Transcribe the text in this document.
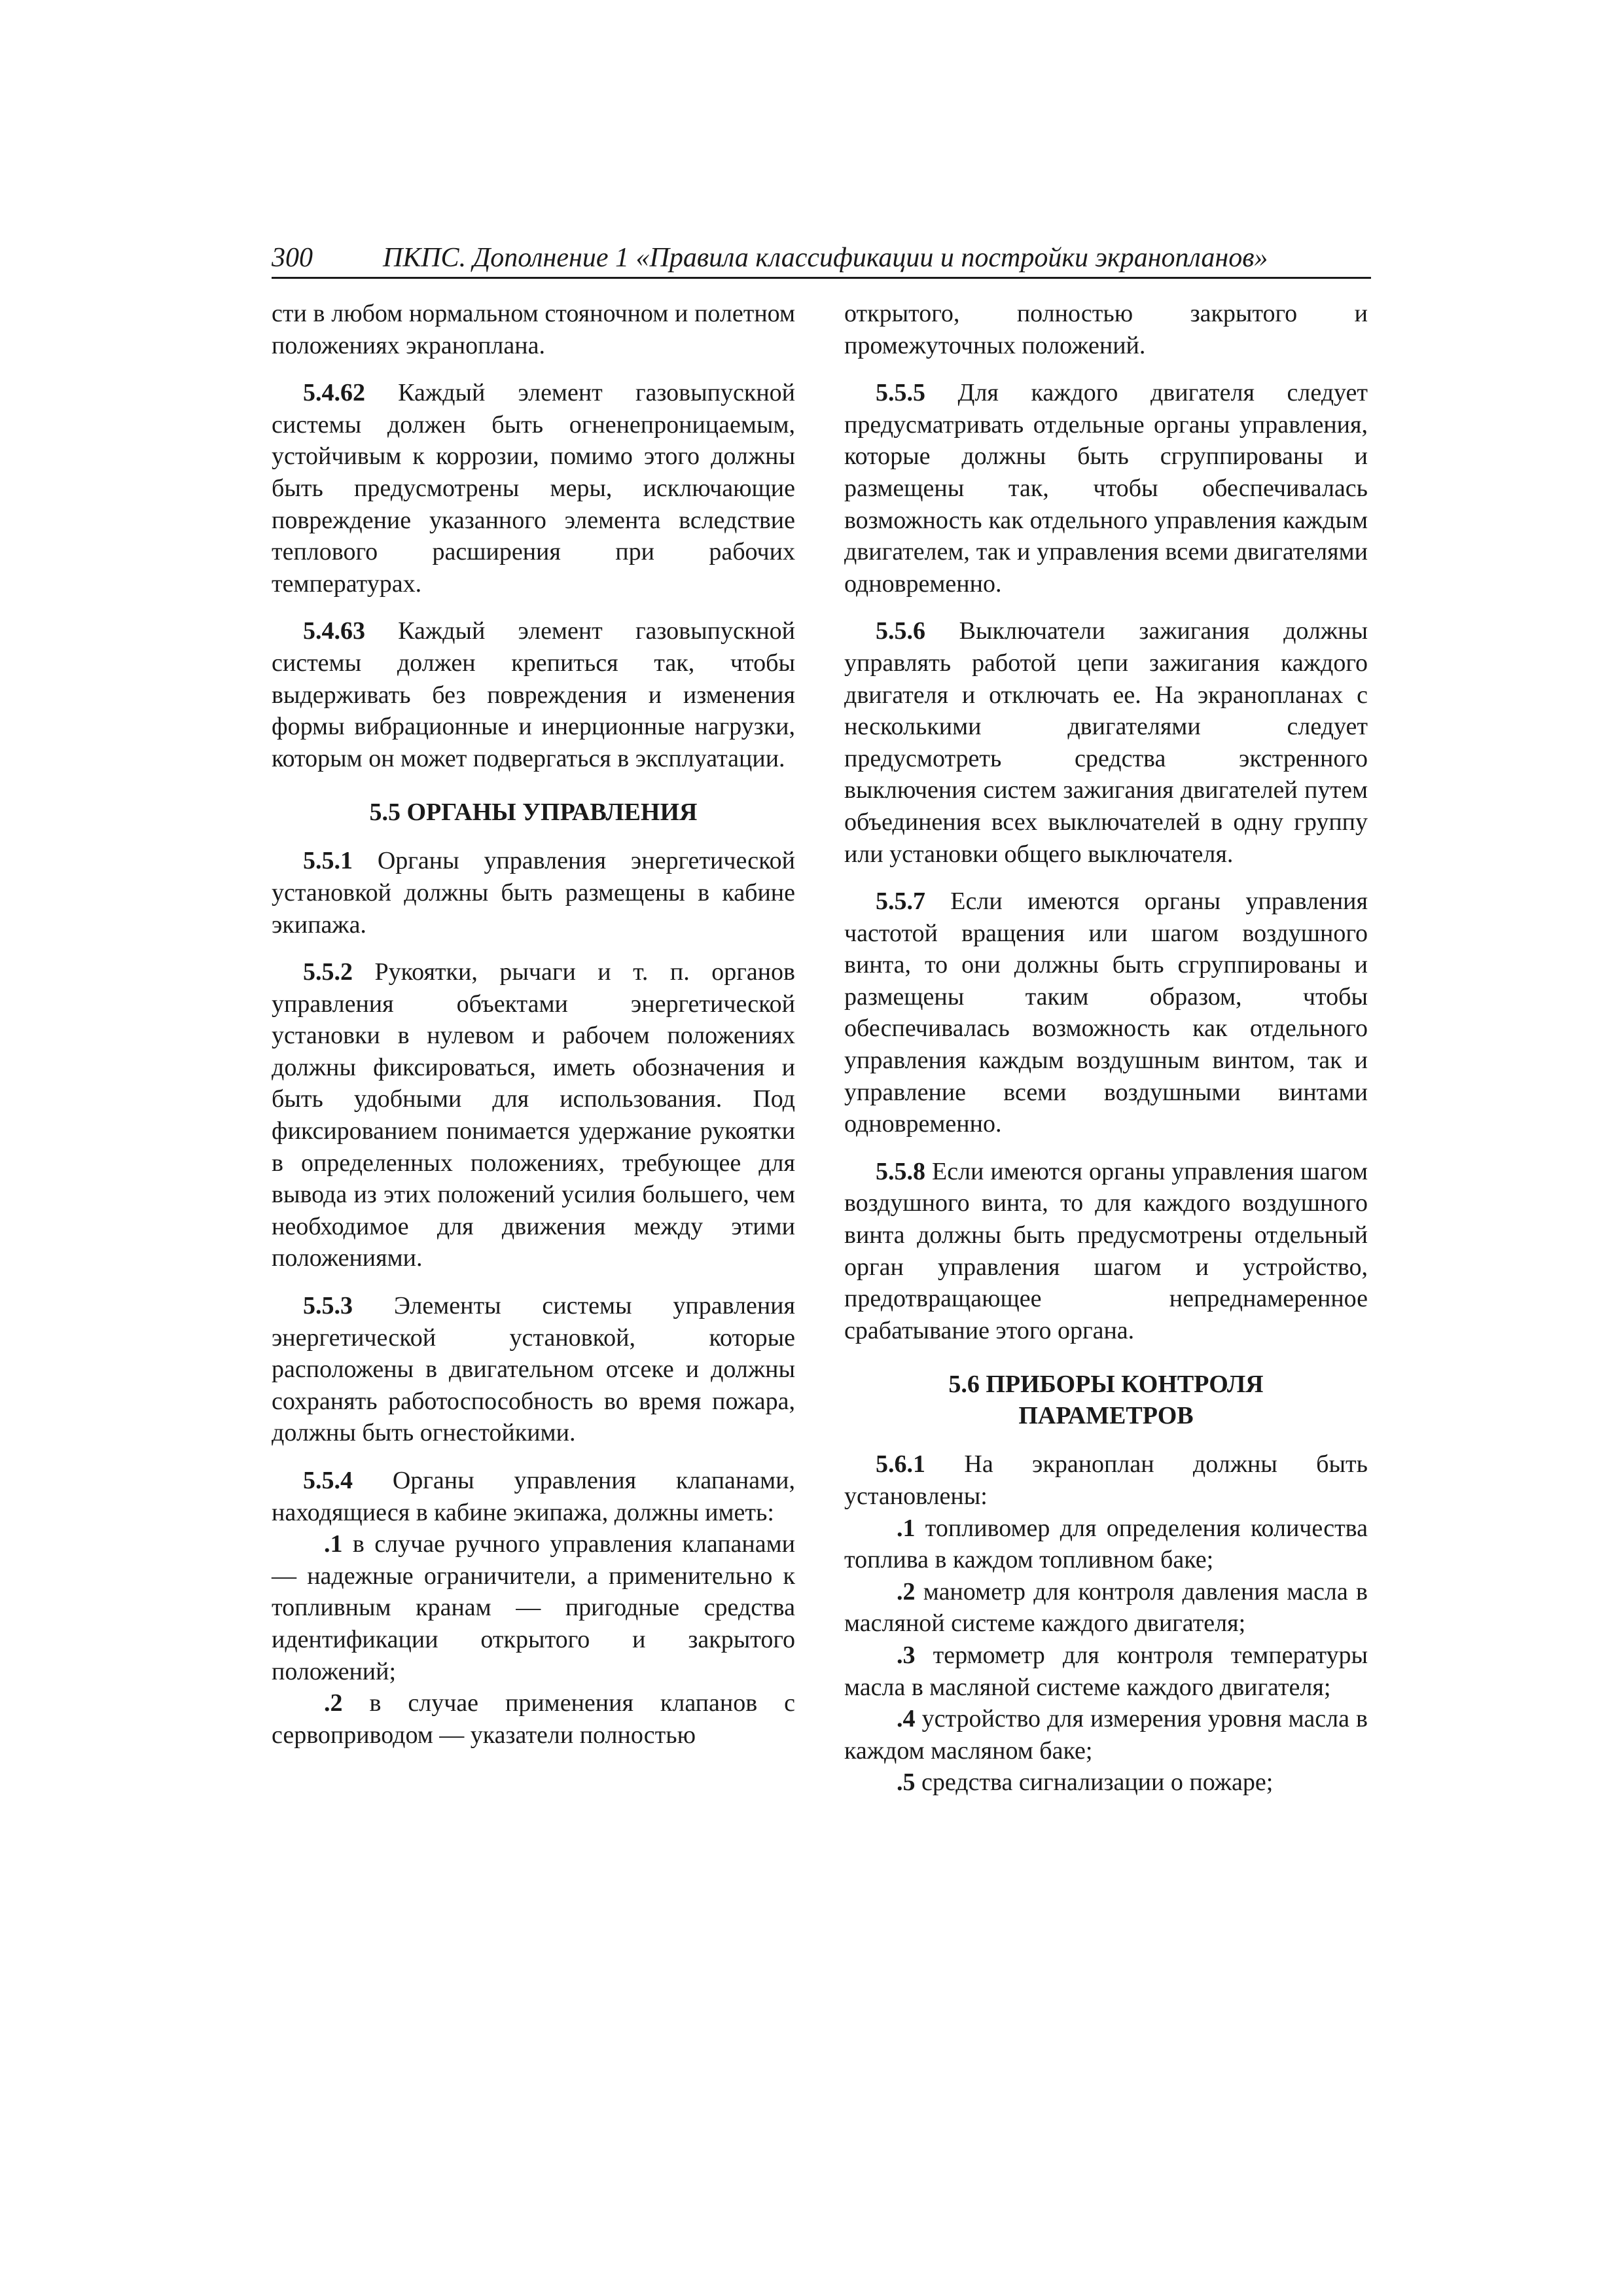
300	ПКПС. Дополнение 1 «Правила классификации и постройки экранопланов»

сти в любом нормальном стояночном и полетном положениях экраноплана.

5.4.62 Каждый элемент газовыпускной системы должен быть огненепроницаемым, устойчивым к коррозии, помимо этого должны быть предусмотрены меры, исключающие повреждение указанного элемента вследствие теплового расширения при рабочих температурах.

5.4.63 Каждый элемент газовыпускной системы должен крепиться так, чтобы выдерживать без повреждения и изменения формы вибрационные и инерционные нагрузки, которым он может подвергаться в эксплуатации.

5.5 ОРГАНЫ УПРАВЛЕНИЯ

5.5.1 Органы управления энергетической установкой должны быть размещены в кабине экипажа.

5.5.2 Рукоятки, рычаги и т. п. органов управления объектами энергетической установки в нулевом и рабочем положениях должны фиксироваться, иметь обозначения и быть удобными для использования. Под фиксированием понимается удержание рукоятки в определенных положениях, требующее для вывода из этих положений усилия большего, чем необходимое для движения между этими положениями.

5.5.3 Элементы системы управления энергетической установкой, которые расположены в двигательном отсеке и должны сохранять работоспособность во время пожара, должны быть огнестойкими.

5.5.4 Органы управления клапанами, находящиеся в кабине экипажа, должны иметь:

.1 в случае ручного управления клапанами — надежные ограничители, а применительно к топливным кранам — пригодные средства идентификации открытого и закрытого положений;

.2 в случае применения клапанов с сервоприводом — указатели полностью

открытого, полностью закрытого и промежуточных положений.

5.5.5 Для каждого двигателя следует предусматривать отдельные органы управления, которые должны быть сгруппированы и размещены так, чтобы обеспечивалась возможность как отдельного управления каждым двигателем, так и управления всеми двигателями одновременно.

5.5.6 Выключатели зажигания должны управлять работой цепи зажигания каждого двигателя и отключать ее. На экранопланах с несколькими двигателями следует предусмотреть средства экстренного выключения систем зажигания двигателей путем объединения всех выключателей в одну группу или установки общего выключателя.

5.5.7 Если имеются органы управления частотой вращения или шагом воздушного винта, то они должны быть сгруппированы и размещены таким образом, чтобы обеспечивалась возможность как отдельного управления каждым воздушным винтом, так и управление всеми воздушными винтами одновременно.

5.5.8 Если имеются органы управления шагом воздушного винта, то для каждого воздушного винта должны быть предусмотрены отдельный орган управления шагом и устройство, предотвращающее непреднамеренное срабатывание этого органа.

5.6 ПРИБОРЫ КОНТРОЛЯ
ПАРАМЕТРОВ

5.6.1 На экраноплан должны быть установлены:

.1 топливомер для определения количества топлива в каждом топливном баке;

.2 манометр для контроля давления масла в масляной системе каждого двигателя;

.3 термометр для контроля температуры масла в масляной системе каждого двигателя;

.4 устройство для измерения уровня масла в каждом масляном баке;

.5 средства сигнализации о пожаре;
